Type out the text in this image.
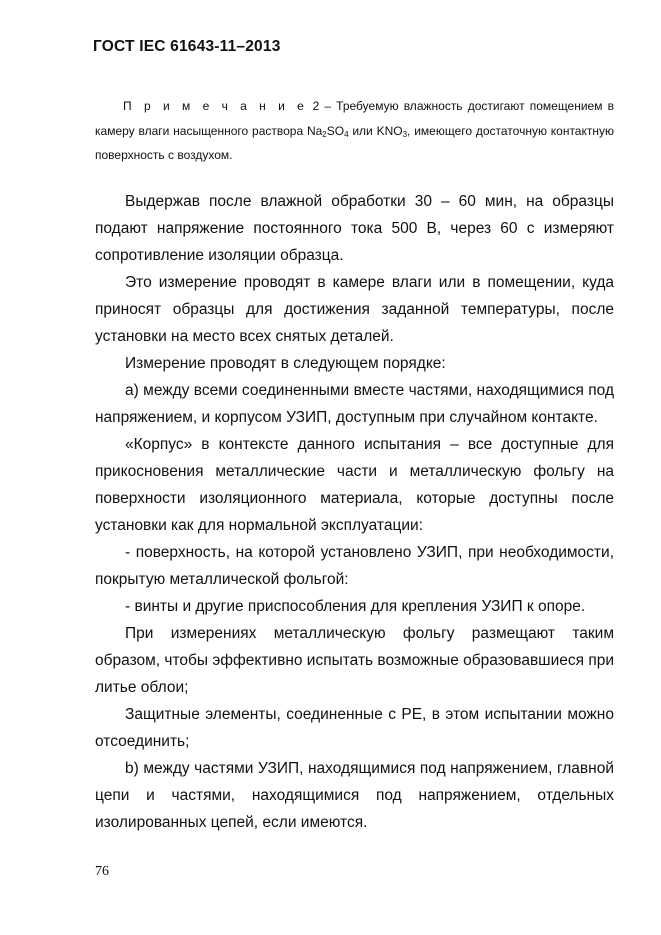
ГОСТ IEC 61643-11–2013

П р и м е ч а н и е 2 – Требуемую влажность достигают помещением в камеру влаги насыщенного раствора $Na_2SO_4$ или $KNO_3$, имеющего достаточную контактную поверхность с воздухом.

Выдержав после влажной обработки 30 – 60 мин, на образцы подают напряжение постоянного тока 500 В, через 60 с измеряют сопротивление изоляции образца.

Это измерение проводят в камере влаги или в помещении, куда приносят образцы для достижения заданной температуры, после установки на место всех снятых деталей.

Измерение проводят в следующем порядке:

а) между всеми соединенными вместе частями, находящимися под напряжением, и корпусом УЗИП, доступным при случайном контакте.

«Корпус» в контексте данного испытания – все доступные для прикосновения металлические части и металлическую фольгу на поверхности изоляционного материала, которые доступны после установки как для нормальной эксплуатации:

- поверхность, на которой установлено УЗИП, при необходимости, покрытую металлической фольгой:

- винты и другие приспособления для крепления УЗИП к опоре.

При измерениях металлическую фольгу размещают таким образом, чтобы эффективно испытать возможные образовавшиеся при литье облои;

Защитные элементы, соединенные с РЕ, в этом испытании можно отсоединить;

b) между частями УЗИП, находящимися под напряжением, главной цепи и частями, находящимися под напряжением, отдельных изолированных цепей, если имеются.

76
